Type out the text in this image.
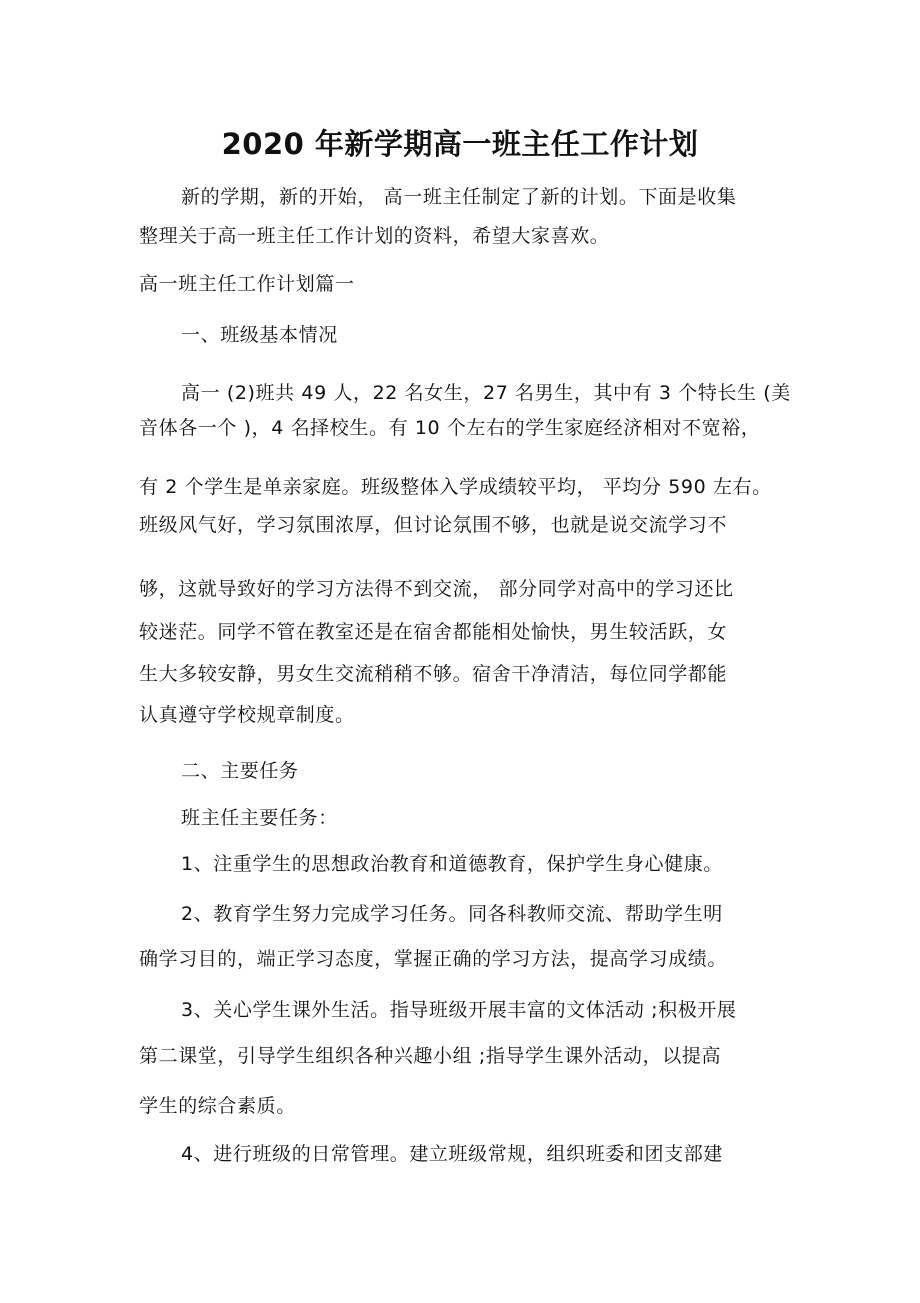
2020 年新学期高一班主任工作计划
新的学期，新的开始， 高一班主任制定了新的计划。下面是收集
整理关于高一班主任工作计划的资料，希望大家喜欢。
高一班主任工作计划篇一
一、班级基本情况
高一 (2)班共 49 人，22 名女生，27 名男生，其中有 3 个特长生 (美
音体各一个 )，4 名择校生。有 10 个左右的学生家庭经济相对不宽裕，
有 2 个学生是单亲家庭。班级整体入学成绩较平均， 平均分 590 左右。
班级风气好，学习氛围浓厚，但讨论氛围不够，也就是说交流学习不
够，这就导致好的学习方法得不到交流， 部分同学对高中的学习还比
较迷茫。同学不管在教室还是在宿舍都能相处愉快，男生较活跃，女
生大多较安静，男女生交流稍稍不够。宿舍干净清洁，每位同学都能
认真遵守学校规章制度。
二、主要任务
班主任主要任务：
1、注重学生的思想政治教育和道德教育，保护学生身心健康。
2、教育学生努力完成学习任务。同各科教师交流、帮助学生明
确学习目的，端正学习态度，掌握正确的学习方法，提高学习成绩。
3、关心学生课外生活。指导班级开展丰富的文体活动 ;积极开展
第二课堂，引导学生组织各种兴趣小组 ;指导学生课外活动，以提高
学生的综合素质。
4、进行班级的日常管理。建立班级常规，组织班委和团支部建
